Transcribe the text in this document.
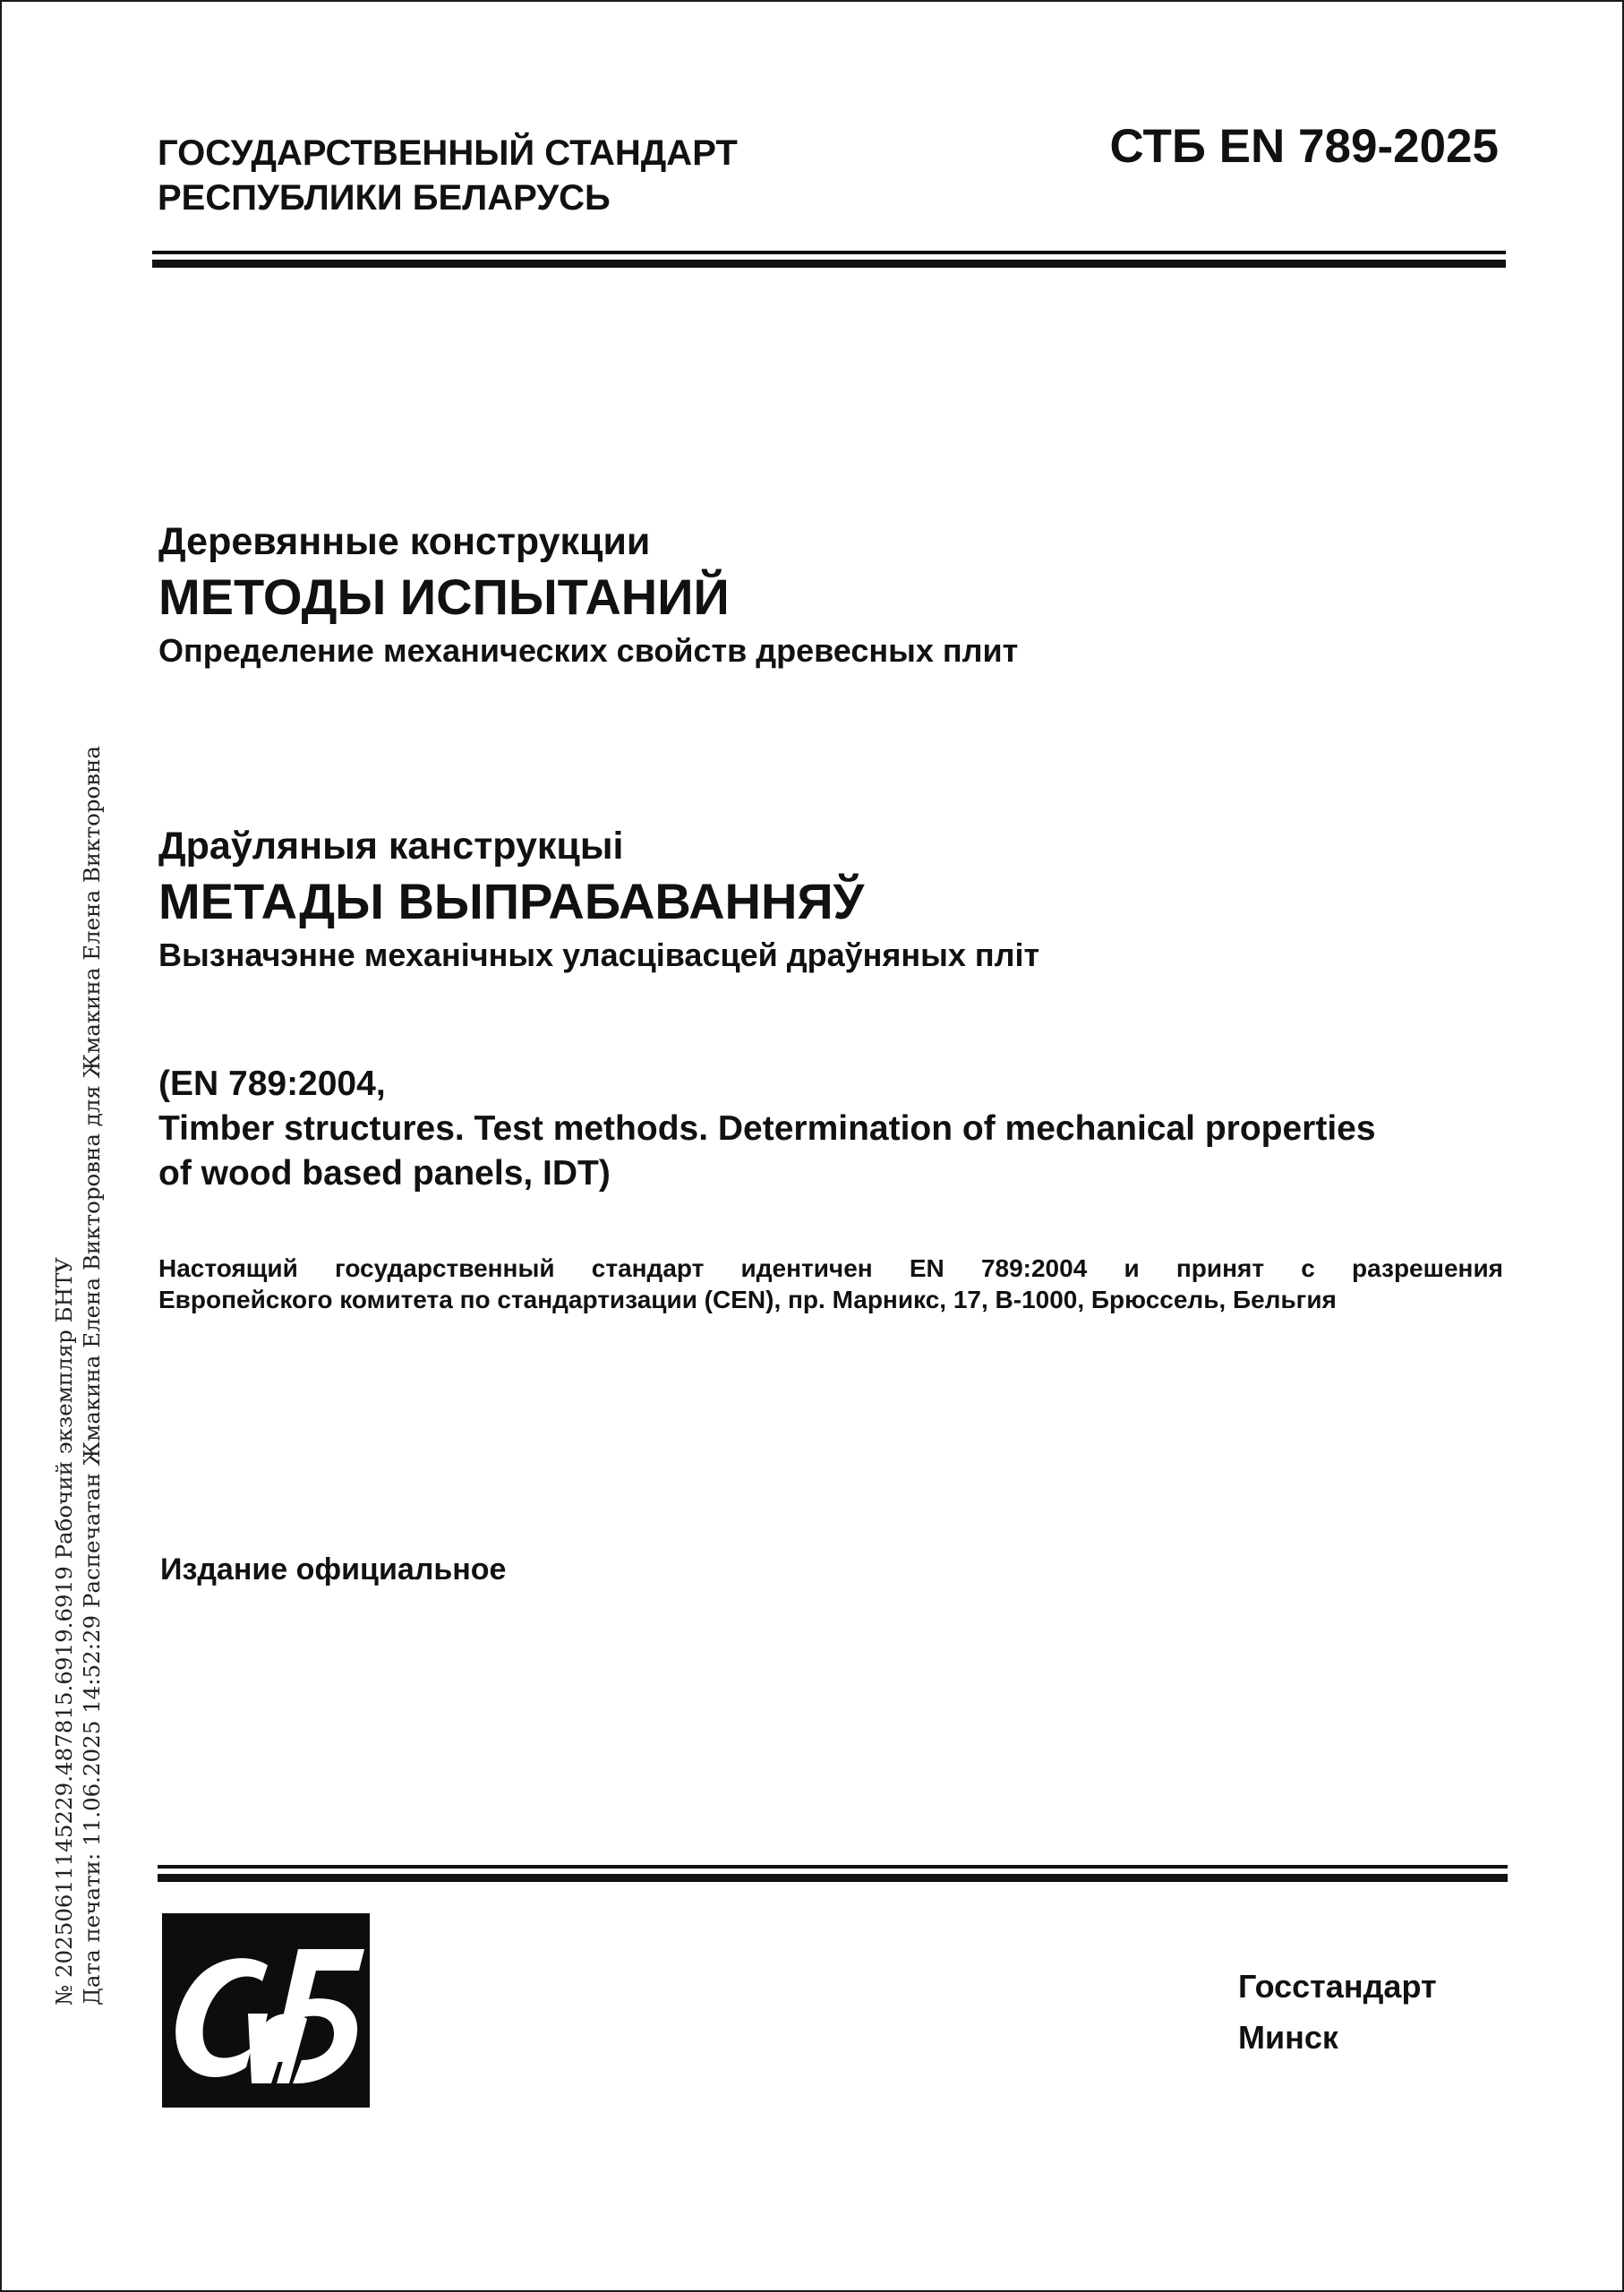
ГОСУДАРСТВЕННЫЙ СТАНДАРТ
РЕСПУБЛИКИ БЕЛАРУСЬ
СТБ EN 789-2025
Деревянные конструкции
МЕТОДЫ ИСПЫТАНИЙ
Определение механических свойств древесных плит
Драўляныя канструкцыі
МЕТАДЫ ВЫПРАБАВАННЯЎ
Вызначэнне механічных уласцівасцей драўняных пліт
(EN 789:2004,
Timber structures. Test methods. Determination of mechanical properties
of wood based panels, IDT)
Настоящий государственный стандарт идентичен EN 789:2004 и принят с разрешения
Европейского комитета по стандартизации (CEN), пр. Марникс, 17, B-1000, Брюссель, Бельгия
Издание официальное
№ 20250611145229.487815.6919.6919 Рабочий экземпляр БНТУ Дата печати: 11.06.2025 14:52:29 Распечатан Жмакина Елена Викторовна для Жмакина Елена Викторовна	Госстандарт
Минск
